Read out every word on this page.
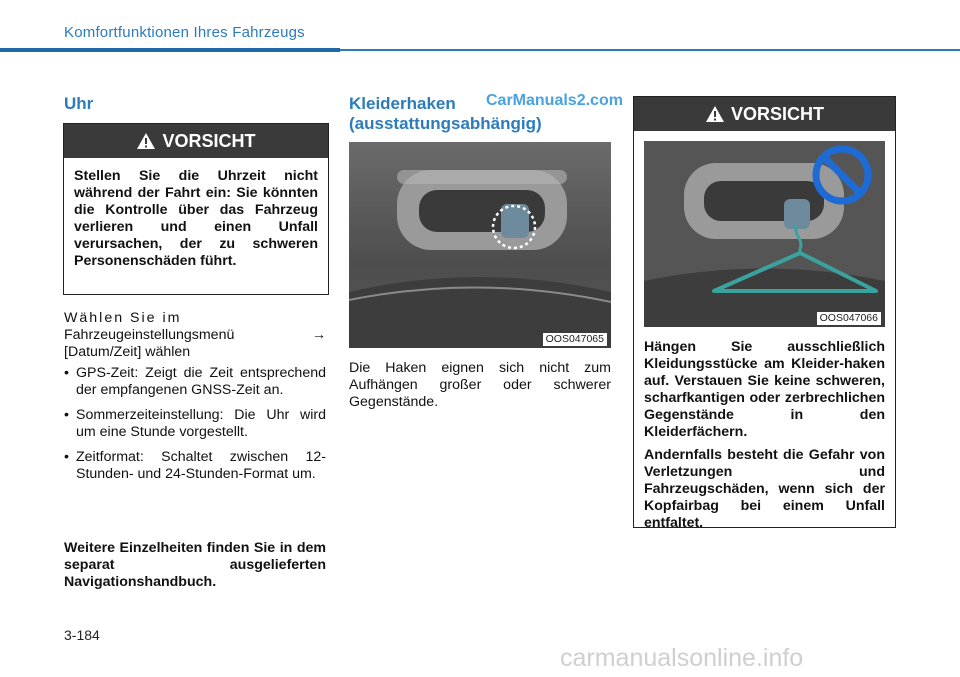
Komfortfunktionen Ihres Fahrzeugs
Uhr
VORSICHT
Stellen Sie die Uhrzeit nicht während der Fahrt ein: Sie könnten die Kontrolle über das Fahrzeug verlieren und einen Unfall verursachen, der zu schweren Personenschäden führt.

Wählen Sie im

Fahrzeugeinstellungsmenü	→

[Datum/Zeit] wählen

• GPS-Zeit: Zeigt die Zeit entsprechend der empfangenen GNSS-Zeit an.
• Sommerzeiteinstellung: Die Uhr wird um eine Stunde vorgestellt.
• Zeitformat: Schaltet zwischen 12-Stunden- und 24-Stunden-Format um.
Weitere Einzelheiten finden Sie in dem separat ausgelieferten Navigationshandbuch.
Kleiderhaken
(ausstattungsabhängig)
CarManuals2.com
OOS047065
Die Haken eignen sich nicht zum Aufhängen großer oder schwerer Gegenstände.
VORSICHT
OOS047066

Hängen Sie ausschließlich Kleidungsstücke am Kleider-haken auf. Verstauen Sie keine schweren, scharfkantigen oder zerbrechlichen Gegenstände in den Kleiderfächern.

Andernfalls besteht die Gefahr von Verletzungen und Fahrzeugschäden, wenn sich der Kopfairbag bei einem Unfall entfaltet.

3-184
carmanualsonline.info
